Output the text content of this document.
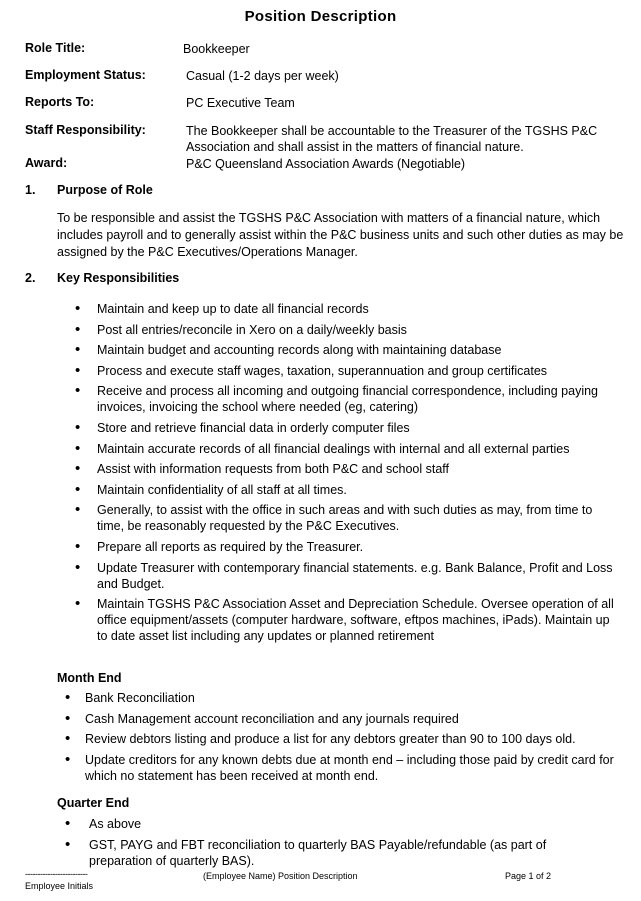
Position Description
Role Title:	Bookkeeper
Employment Status:	Casual (1-2 days per week)
Reports To:	PC Executive Team
Staff Responsibility:	The Bookkeeper shall be accountable to the Treasurer of the TGSHS P&C Association and shall assist in the matters of financial nature.
Award:	P&C Queensland Association Awards (Negotiable)
1. Purpose of Role
To be responsible and assist the TGSHS P&C Association with matters of a financial nature, which includes payroll and to generally assist within the P&C business units and such other duties as may be assigned by the P&C Executives/Operations Manager.
2. Key Responsibilities
• Maintain and keep up to date all financial records
• Post all entries/reconcile in Xero on a daily/weekly basis
• Maintain budget and accounting records along with maintaining database
• Process and execute staff wages, taxation, superannuation and group certificates
• Receive and process all incoming and outgoing financial correspondence, including paying invoices, invoicing the school where needed (eg, catering)
• Store and retrieve financial data in orderly computer files
• Maintain accurate records of all financial dealings with internal and all external parties
• Assist with information requests from both P&C and school staff
• Maintain confidentiality of all staff at all times.
• Generally, to assist with the office in such areas and with such duties as may, from time to time, be reasonably requested by the P&C Executives.
• Prepare all reports as required by the Treasurer.
• Update Treasurer with contemporary financial statements. e.g. Bank Balance, Profit and Loss and Budget.
• Maintain TGSHS P&C Association Asset and Depreciation Schedule. Oversee operation of all office equipment/assets (computer hardware, software, eftpos machines, iPads). Maintain up to date asset list including any updates or planned retirement
Month End
• Bank Reconciliation
• Cash Management account reconciliation and any journals required
• Review debtors listing and produce a list for any debtors greater than 90 to 100 days old.
• Update creditors for any known debts due at month end – including those paid by credit card for which no statement has been received at month end.
Quarter End
• As above
• GST, PAYG and FBT reconciliation to quarterly BAS Payable/refundable (as part of preparation of quarterly BAS).
-------------------------
Employee Initials
(Employee Name) Position Description	Page 1 of 2
